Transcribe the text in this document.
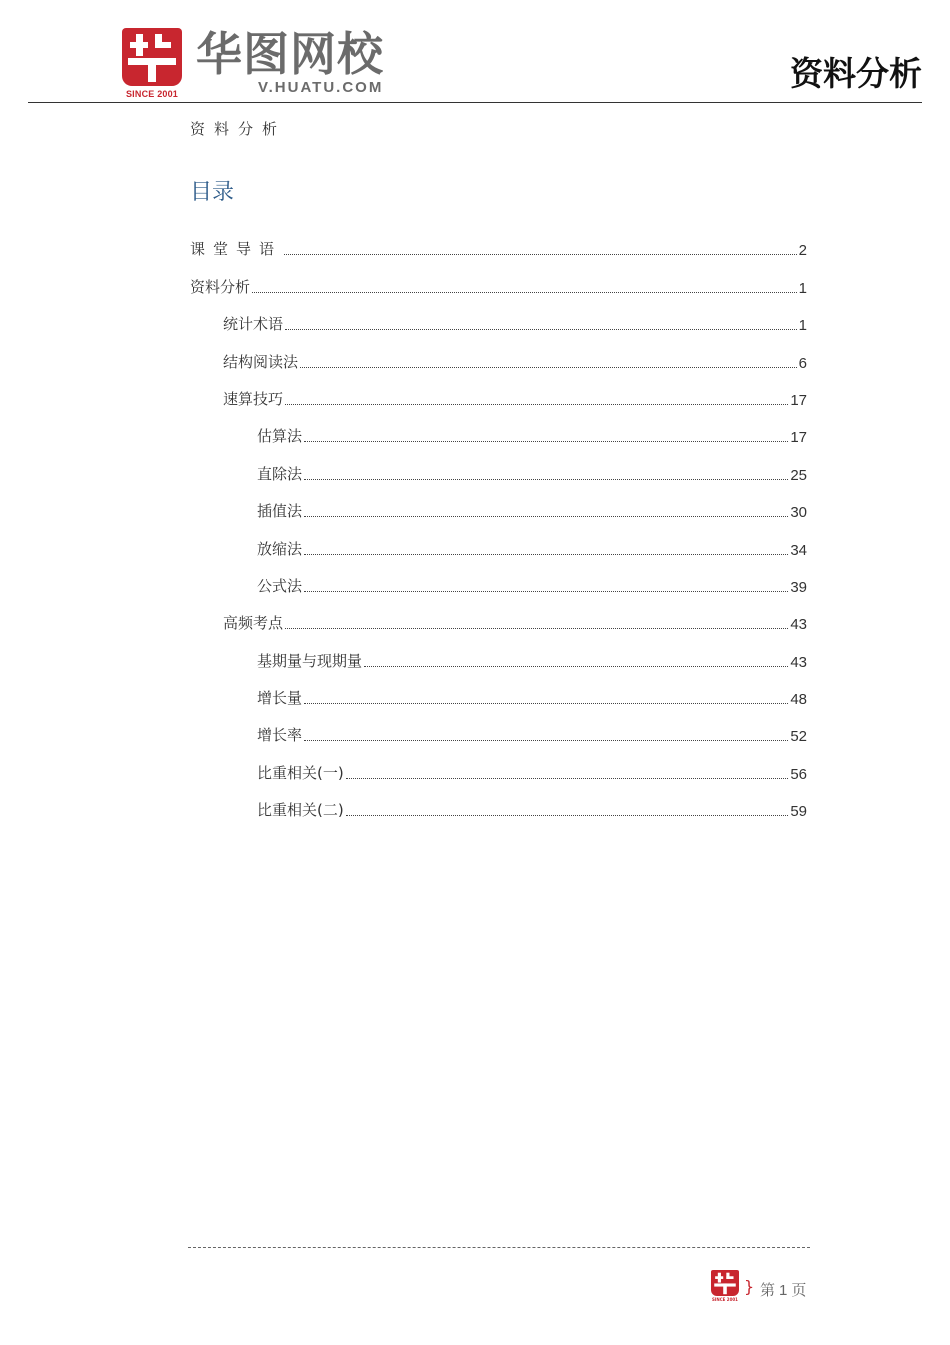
SINCE 2001
华图网校
V.HUATU.COM	资料分析
资料分析
目录
课堂导语	2
资料分析	1
统计术语	1
结构阅读法	6
速算技巧	17
估算法	17
直除法	25
插值法	30
放缩法	34
公式法	39
高频考点	43
基期量与现期量	43
增长量	48
增长率	52
比重相关(一)	56
比重相关(二)	59
SINCE 2001
} 第 1 页
